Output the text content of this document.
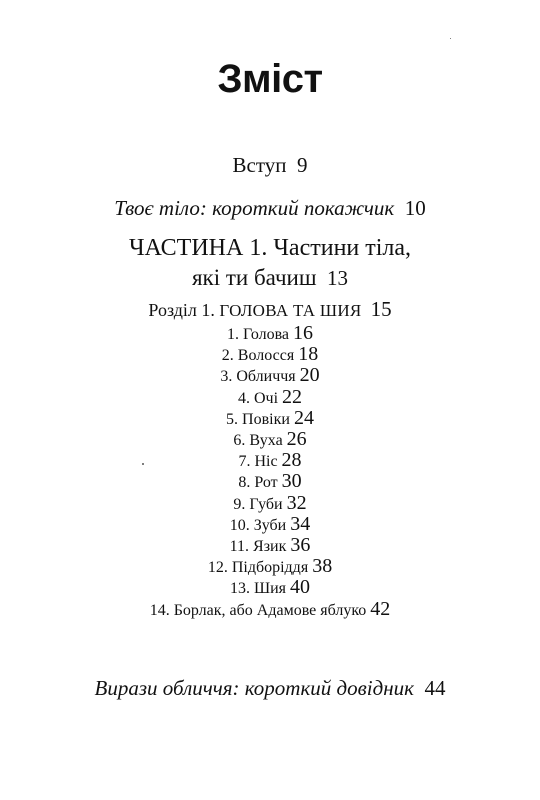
Зміст
Вступ 9
Твоє тіло: короткий покажчик 10
ЧАСТИНА 1. Частини тіла,
які ти бачиш 13
Розділ 1. ГОЛОВА ТА ШИЯ 15
1. Голова 16
2. Волосся 18
3. Обличчя 20
4. Очі 22
5. Повіки 24
6. Вуха 26
7. Ніс 28
8. Рот 30
9. Губи 32
10. Зуби 34
11. Язик 36
12. Підборіддя 38
13. Шия 40
14. Борлак, або Адамове яблуко 42
Вирази обличчя: короткий довідник 44
